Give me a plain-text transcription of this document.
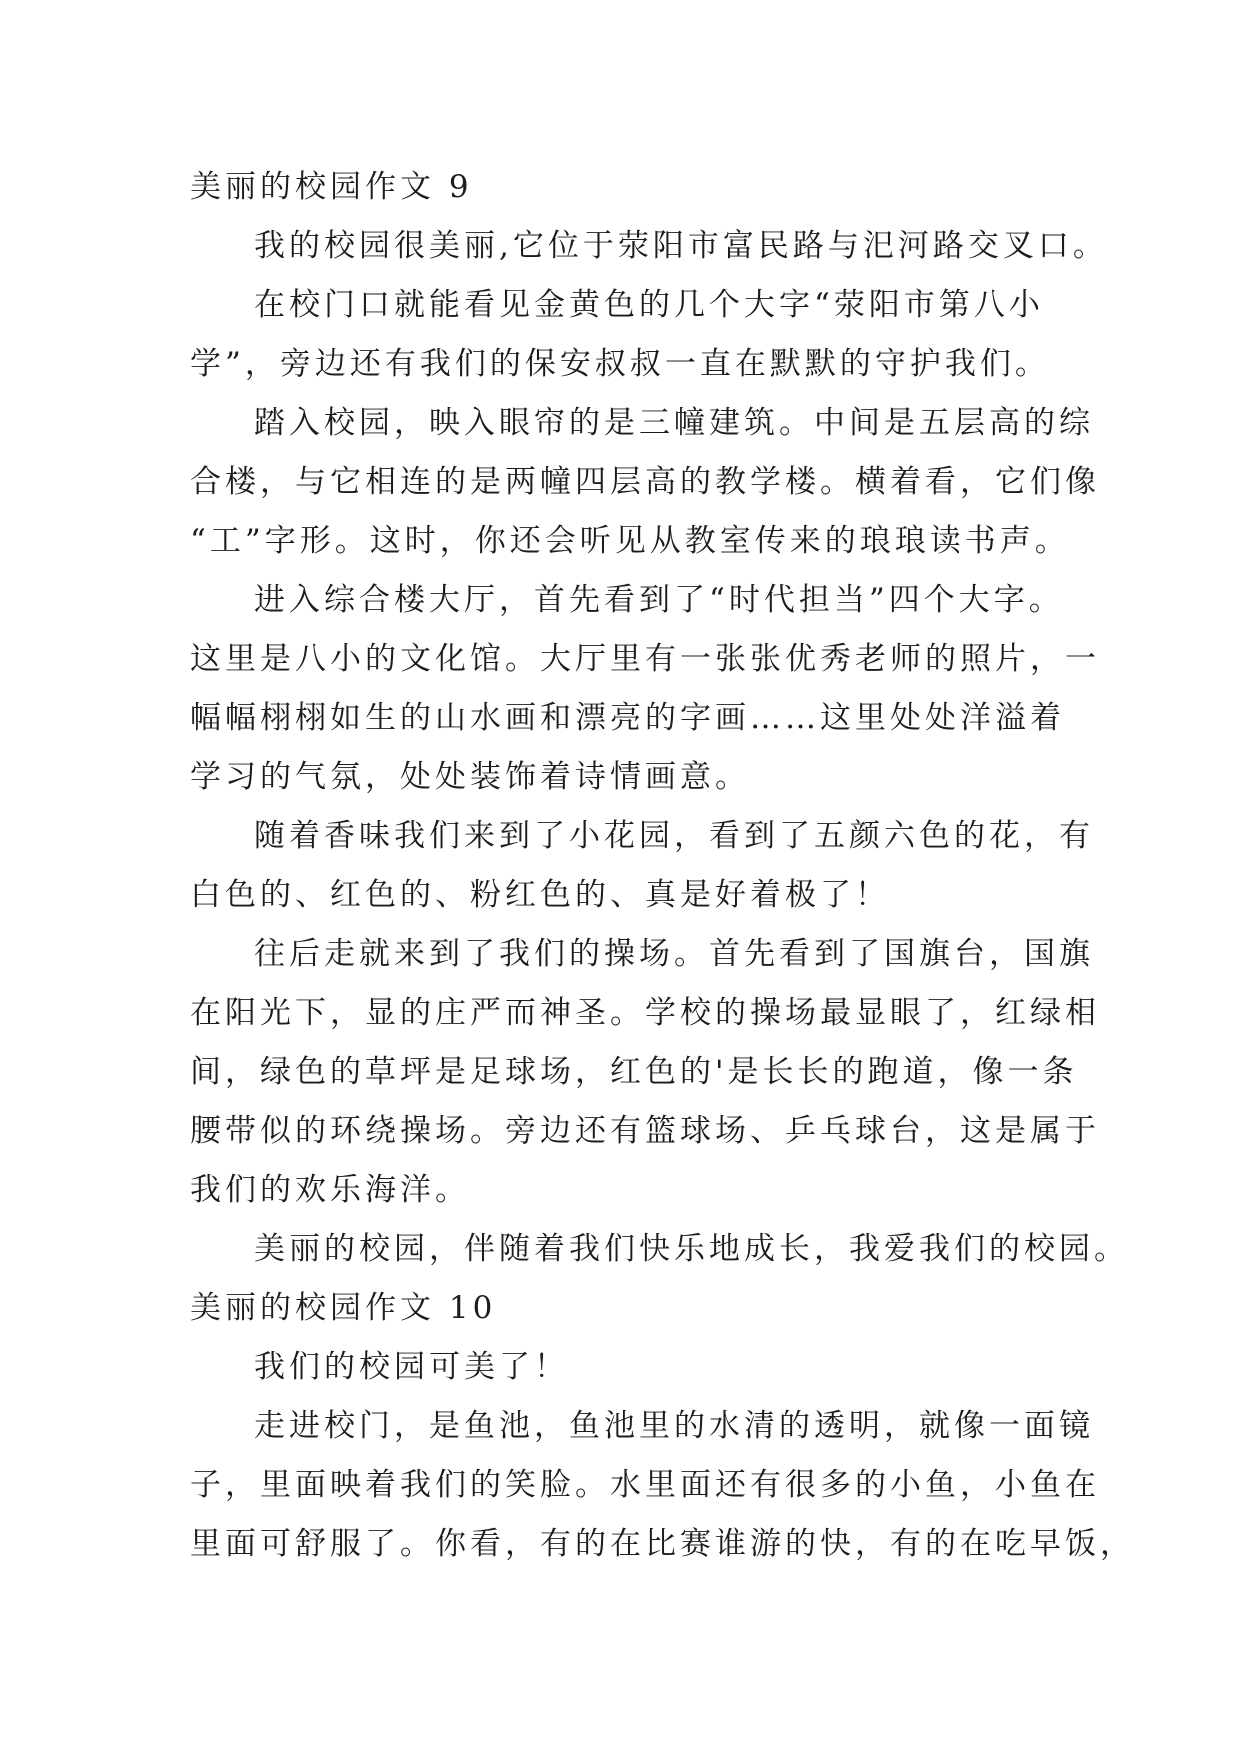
美丽的校园作文 9
我的校园很美丽,它位于荥阳市富民路与汜河路交叉口。
在校门口就能看见金黄色的几个大字“荥阳市第八小
学”，旁边还有我们的保安叔叔一直在默默的守护我们。
踏入校园，映入眼帘的是三幢建筑。中间是五层高的综
合楼，与它相连的是两幢四层高的教学楼。横着看，它们像
“工”字形。这时，你还会听见从教室传来的琅琅读书声。
进入综合楼大厅，首先看到了“时代担当”四个大字。
这里是八小的文化馆。大厅里有一张张优秀老师的照片，一
幅幅栩栩如生的山水画和漂亮的字画……这里处处洋溢着
学习的气氛，处处装饰着诗情画意。
随着香味我们来到了小花园，看到了五颜六色的花，有
白色的、红色的、粉红色的、真是好着极了！
往后走就来到了我们的操场。首先看到了国旗台，国旗
在阳光下，显的庄严而神圣。学校的操场最显眼了，红绿相
间，绿色的草坪是足球场，红色的'是长长的跑道，像一条
腰带似的环绕操场。旁边还有篮球场、乒乓球台，这是属于
我们的欢乐海洋。
美丽的校园，伴随着我们快乐地成长，我爱我们的校园。
美丽的校园作文 10
我们的校园可美了！
走进校门，是鱼池，鱼池里的水清的透明，就像一面镜
子，里面映着我们的笑脸。水里面还有很多的小鱼，小鱼在
里面可舒服了。你看，有的在比赛谁游的快，有的在吃早饭，
